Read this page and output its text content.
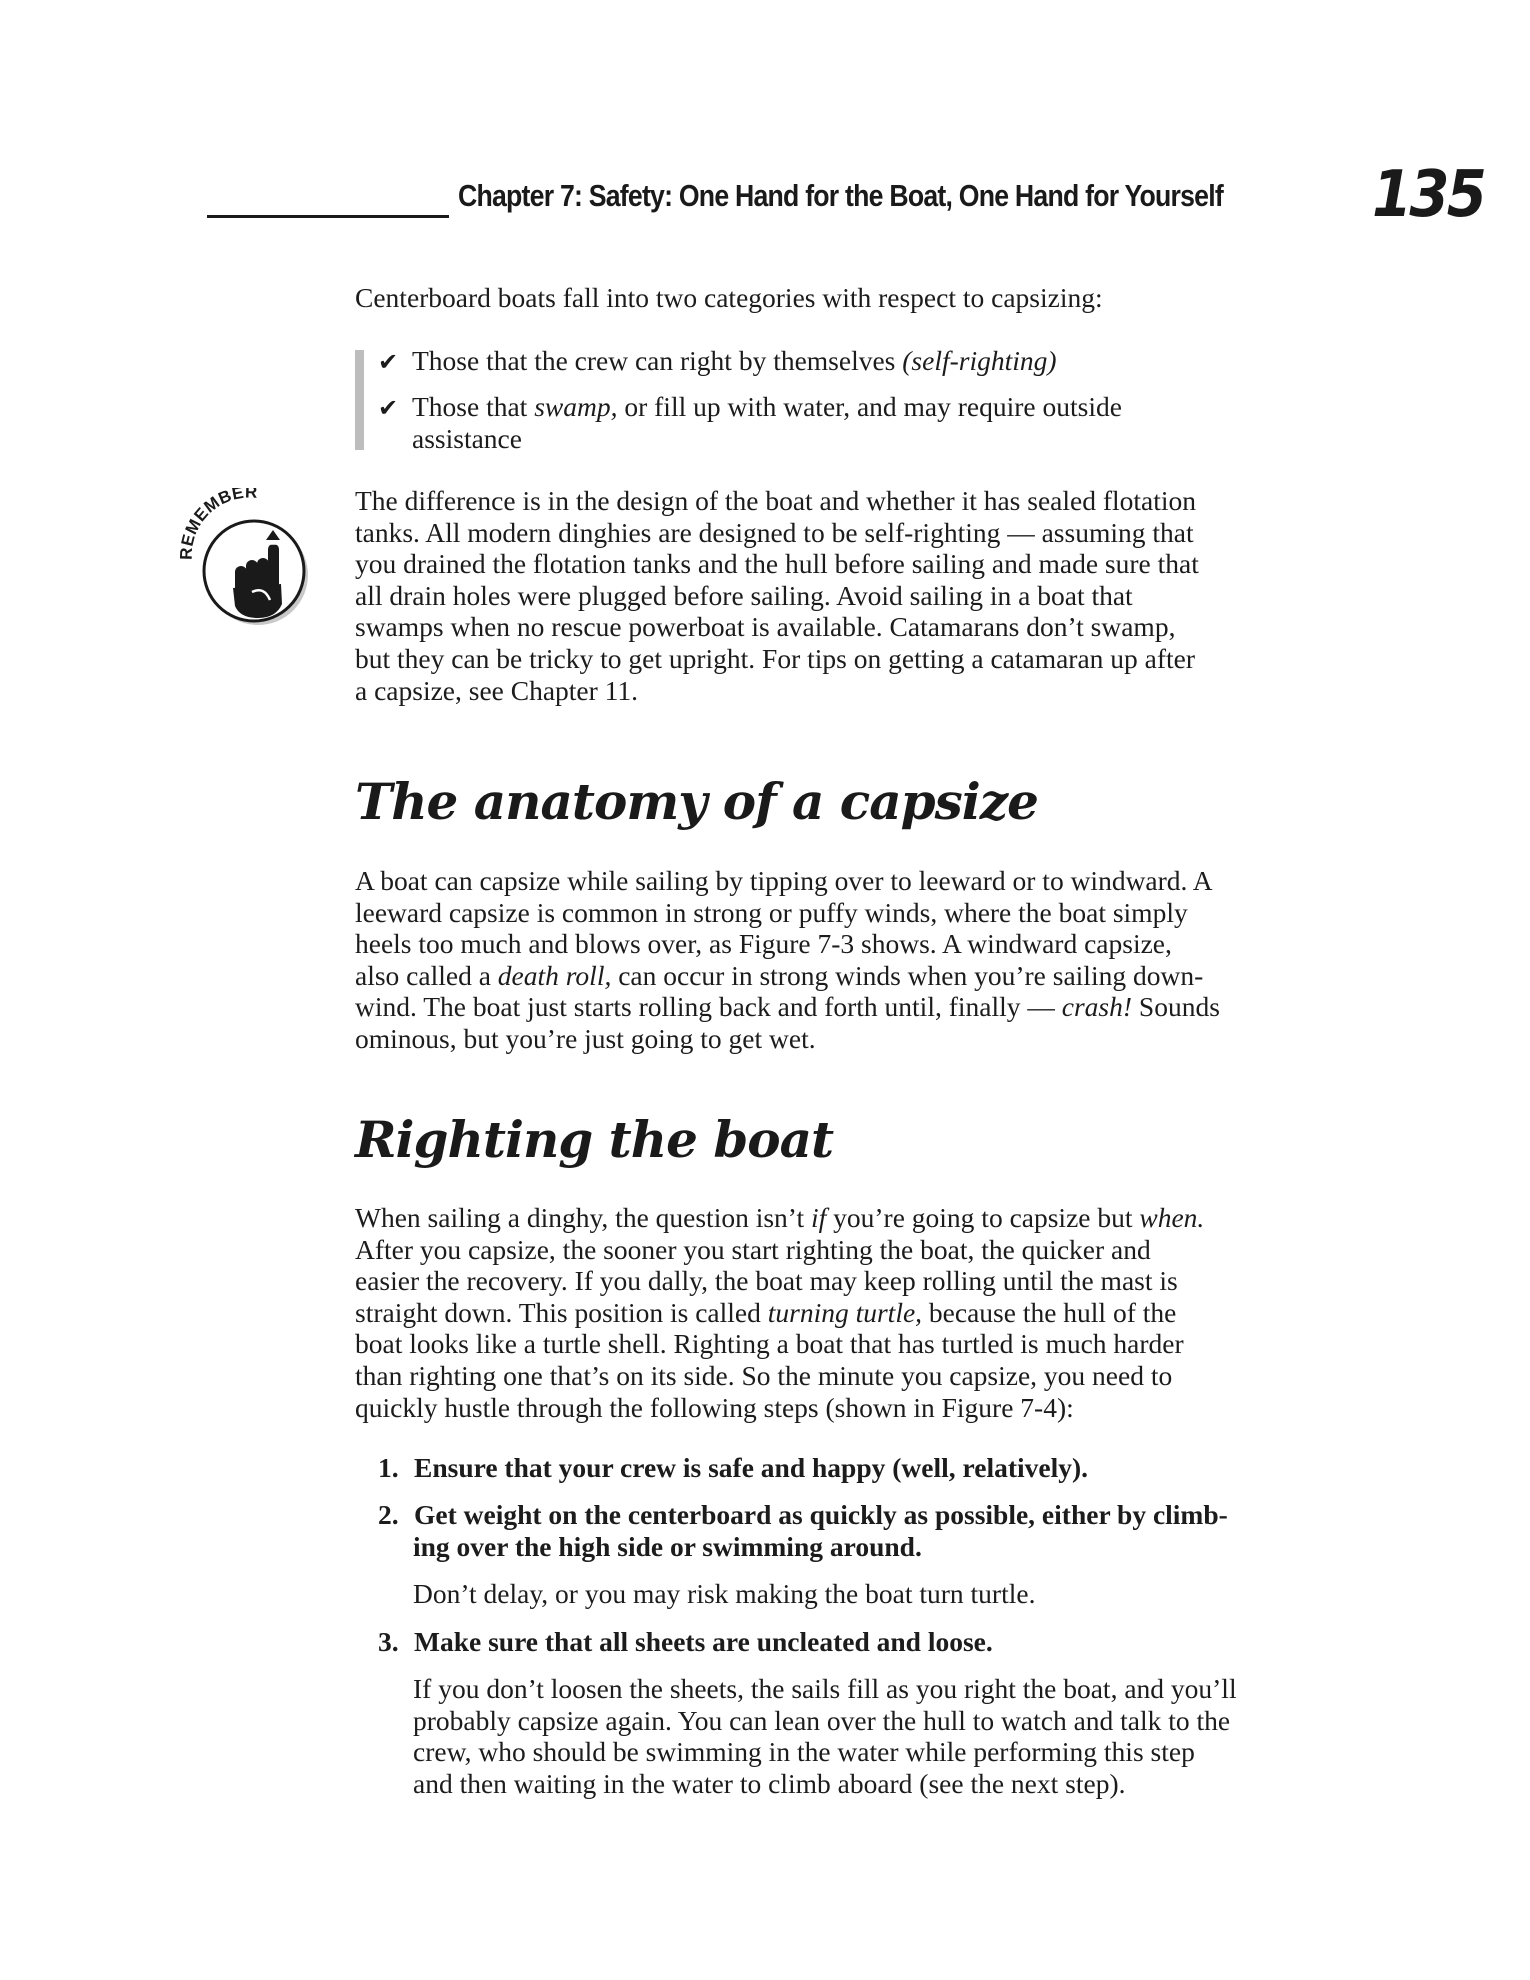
Chapter 7: Safety: One Hand for the Boat, One Hand for Yourself 135
Centerboard boats fall into two categories with respect to capsizing:
✔ Those that the crew can right by themselves (self-righting)
✔ Those that swamp, or fill up with water, and may require outside
assistance
REMEMBER	The difference is in the design of the boat and whether it has sealed flotation
tanks. All modern dinghies are designed to be self-righting — assuming that
you drained the flotation tanks and the hull before sailing and made sure that
all drain holes were plugged before sailing. Avoid sailing in a boat that
swamps when no rescue powerboat is available. Catamarans don’t swamp,
but they can be tricky to get upright. For tips on getting a catamaran up after
a capsize, see Chapter 11.
The anatomy of a capsize
A boat can capsize while sailing by tipping over to leeward or to windward. A
leeward capsize is common in strong or puffy winds, where the boat simply
heels too much and blows over, as Figure 7-3 shows. A windward capsize,
also called a death roll, can occur in strong winds when you’re sailing down-
wind. The boat just starts rolling back and forth until, finally — crash! Sounds
ominous, but you’re just going to get wet.
Righting the boat
When sailing a dinghy, the question isn’t if you’re going to capsize but when.
After you capsize, the sooner you start righting the boat, the quicker and
easier the recovery. If you dally, the boat may keep rolling until the mast is
straight down. This position is called turning turtle, because the hull of the
boat looks like a turtle shell. Righting a boat that has turtled is much harder
than righting one that’s on its side. So the minute you capsize, you need to
quickly hustle through the following steps (shown in Figure 7-4):
1. Ensure that your crew is safe and happy (well, relatively).
2. Get weight on the centerboard as quickly as possible, either by climb-
ing over the high side or swimming around.
Don’t delay, or you may risk making the boat turn turtle.
3. Make sure that all sheets are uncleated and loose.
If you don’t loosen the sheets, the sails fill as you right the boat, and you’ll
probably capsize again. You can lean over the hull to watch and talk to the
crew, who should be swimming in the water while performing this step
and then waiting in the water to climb aboard (see the next step).
